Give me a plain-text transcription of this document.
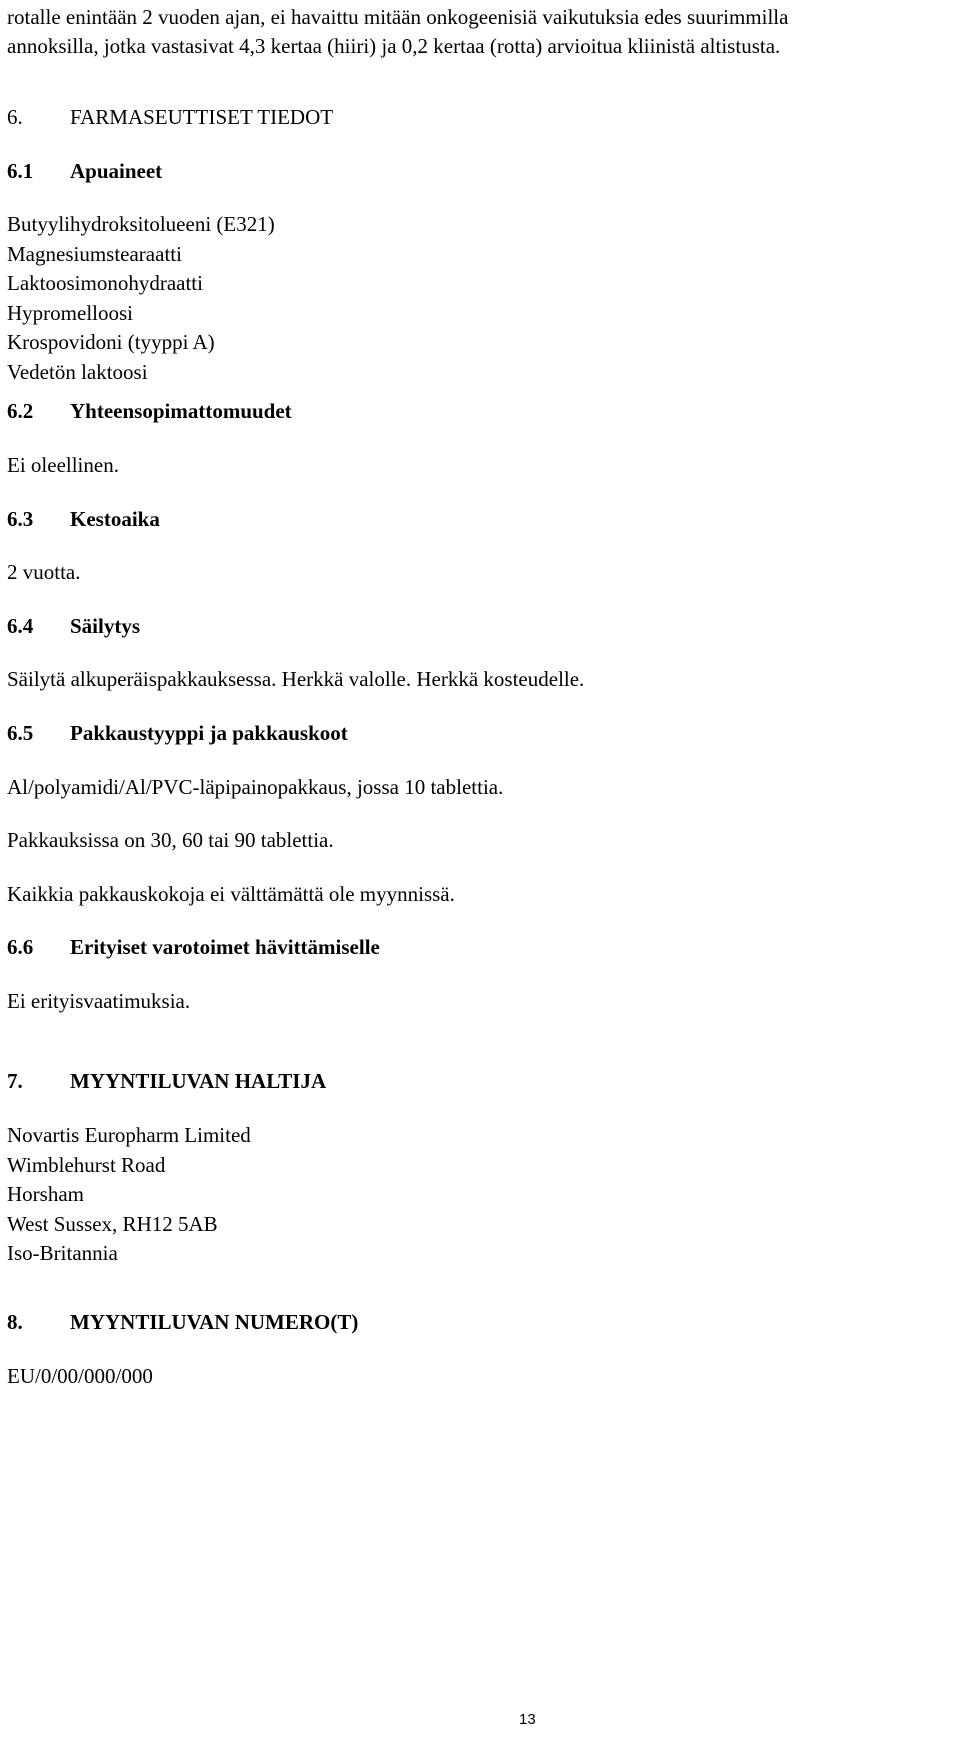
rotalle enintään 2 vuoden ajan, ei havaittu mitään onkogeenisiä vaikutuksia edes suurimmilla

annoksilla, jotka vastasivat 4,3 kertaa (hiiri) ja 0,2 kertaa (rotta) arvioitua kliinistä altistusta.

6.	FARMASEUTTISET TIEDOT
6.1	Apuaineet

Butyylihydroksitolueeni (E321)

Magnesiumstearaatti

Laktoosimonohydraatti

Hypromelloosi

Krospovidoni (tyyppi A)

Vedetön laktoosi

6.2	Yhteensopimattomuudet

Ei oleellinen.

6.3	Kestoaika

2 vuotta.

6.4	Säilytys

Säilytä alkuperäispakkauksessa. Herkkä valolle. Herkkä kosteudelle.

6.5	Pakkaustyyppi ja pakkauskoot

Al/polyamidi/Al/PVC-läpipainopakkaus, jossa 10 tablettia.

Pakkauksissa on 30, 60 tai 90 tablettia.

Kaikkia pakkauskokoja ei välttämättä ole myynnissä.

6.6	Erityiset varotoimet hävittämiselle

Ei erityisvaatimuksia.

7.	MYYNTILUVAN HALTIJA

Novartis Europharm Limited

Wimblehurst Road

Horsham

West Sussex, RH12 5AB

Iso-Britannia

8.	MYYNTILUVAN NUMERO(T)

EU/0/00/000/000

13
